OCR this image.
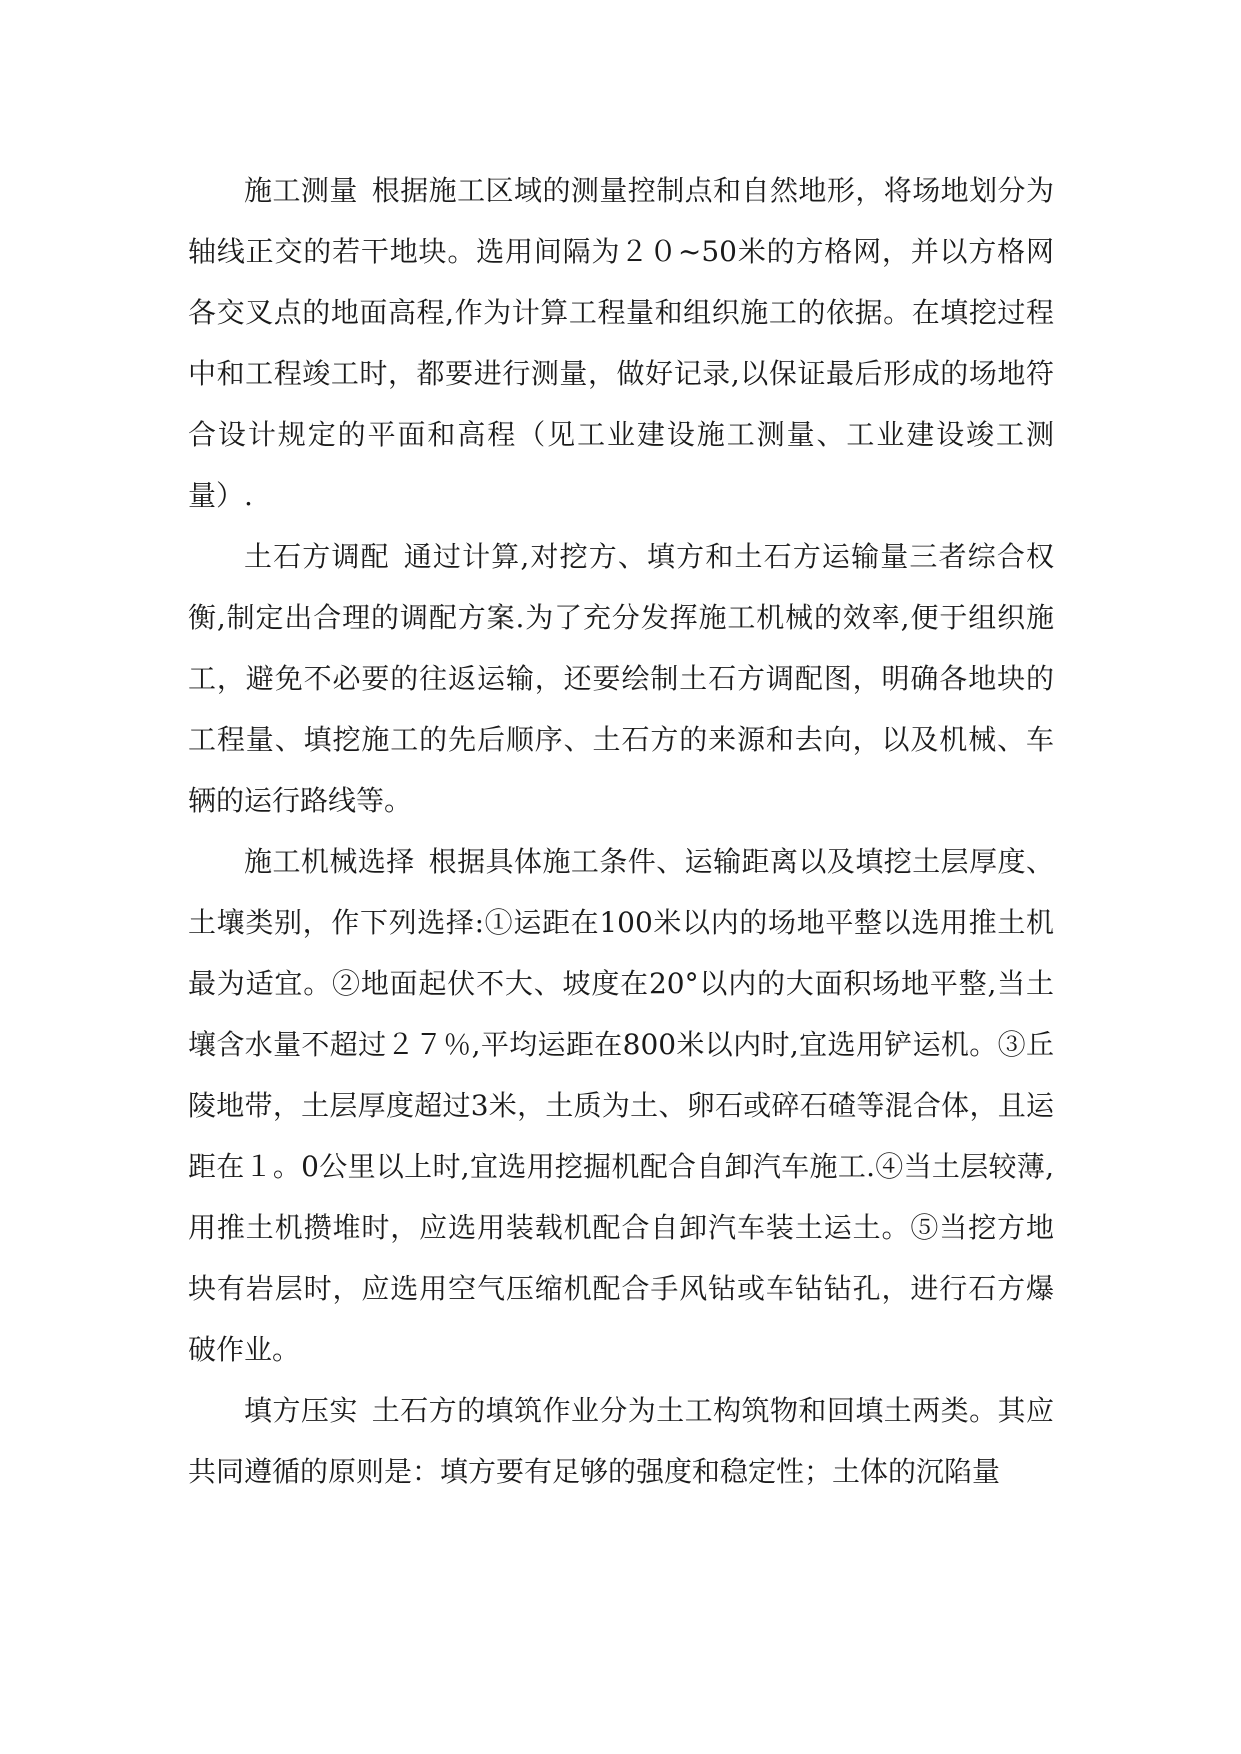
施工测量 根据施工区域的测量控制点和自然地形，将场地划分为轴线正交的若干地块。选用间隔为２０~50米的方格网，并以方格网各交叉点的地面高程,作为计算工程量和组织施工的依据。在填挖过程中和工程竣工时，都要进行测量，做好记录,以保证最后形成的场地符合设计规定的平面和高程（见工业建设施工测量、工业建设竣工测量）.

土石方调配 通过计算,对挖方、填方和土石方运输量三者综合权衡,制定出合理的调配方案.为了充分发挥施工机械的效率,便于组织施工，避免不必要的往返运输，还要绘制土石方调配图，明确各地块的工程量、填挖施工的先后顺序、土石方的来源和去向，以及机械、车辆的运行路线等。

施工机械选择 根据具体施工条件、运输距离以及填挖土层厚度、土壤类别，作下列选择:①运距在100米以内的场地平整以选用推土机最为适宜。②地面起伏不大、坡度在20°以内的大面积场地平整,当土壤含水量不超过２７％,平均运距在800米以内时,宜选用铲运机。③丘陵地带，土层厚度超过3米，土质为土、卵石或碎石碴等混合体，且运距在１。0公里以上时,宜选用挖掘机配合自卸汽车施工.④当土层较薄,用推土机攒堆时，应选用装载机配合自卸汽车装土运土。⑤当挖方地块有岩层时，应选用空气压缩机配合手风钻或车钻钻孔，进行石方爆破作业。

填方压实 土石方的填筑作业分为土工构筑物和回填土两类。其应共同遵循的原则是：填方要有足够的强度和稳定性；土体的沉陷量
